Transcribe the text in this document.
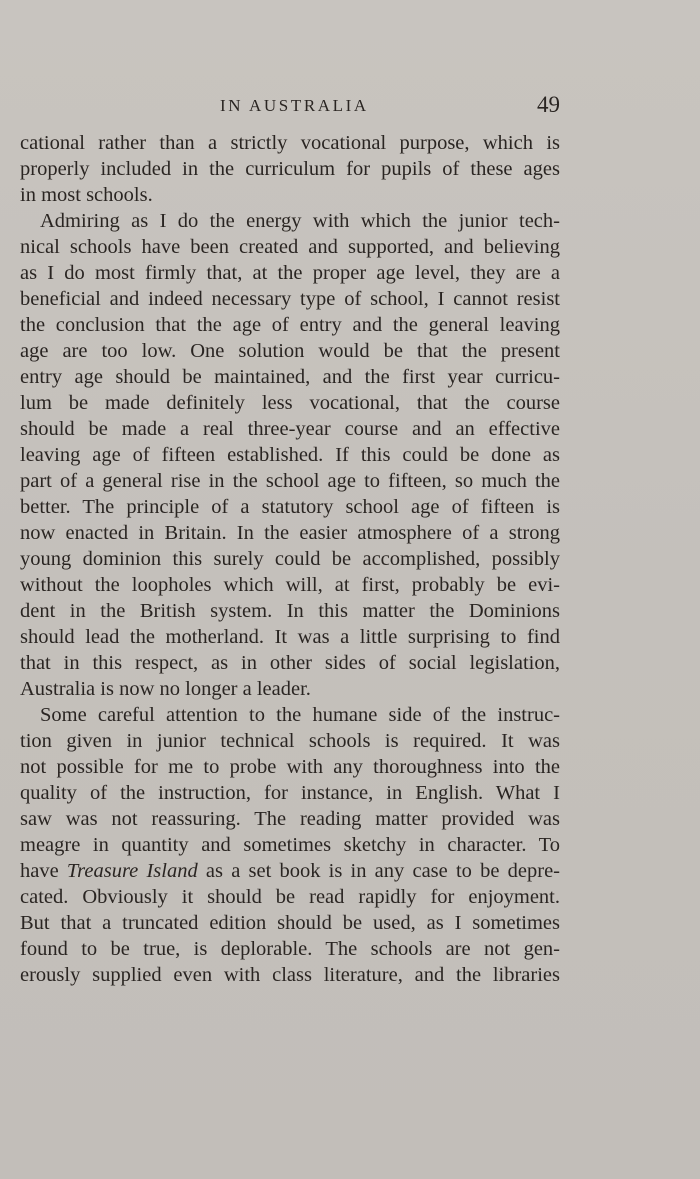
IN AUSTRALIA	49
cational rather than a strictly vocational purpose, which is
properly included in the curriculum for pupils of these ages
in most schools.
Admiring as I do the energy with which the junior tech-
nical schools have been created and supported, and believing
as I do most firmly that, at the proper age level, they are a
beneficial and indeed necessary type of school, I cannot resist
the conclusion that the age of entry and the general leaving
age are too low. One solution would be that the present
entry age should be maintained, and the first year curricu-
lum be made definitely less vocational, that the course
should be made a real three-year course and an effective
leaving age of fifteen established. If this could be done as
part of a general rise in the school age to fifteen, so much the
better. The principle of a statutory school age of fifteen is
now enacted in Britain. In the easier atmosphere of a strong
young dominion this surely could be accomplished, possibly
without the loopholes which will, at first, probably be evi-
dent in the British system. In this matter the Dominions
should lead the motherland. It was a little surprising to find
that in this respect, as in other sides of social legislation,
Australia is now no longer a leader.
Some careful attention to the humane side of the instruc-
tion given in junior technical schools is required. It was
not possible for me to probe with any thoroughness into the
quality of the instruction, for instance, in English. What I
saw was not reassuring. The reading matter provided was
meagre in quantity and sometimes sketchy in character. To
have Treasure Island as a set book is in any case to be depre-
cated. Obviously it should be read rapidly for enjoyment.
But that a truncated edition should be used, as I sometimes
found to be true, is deplorable. The schools are not gen-
erously supplied even with class literature, and the libraries
